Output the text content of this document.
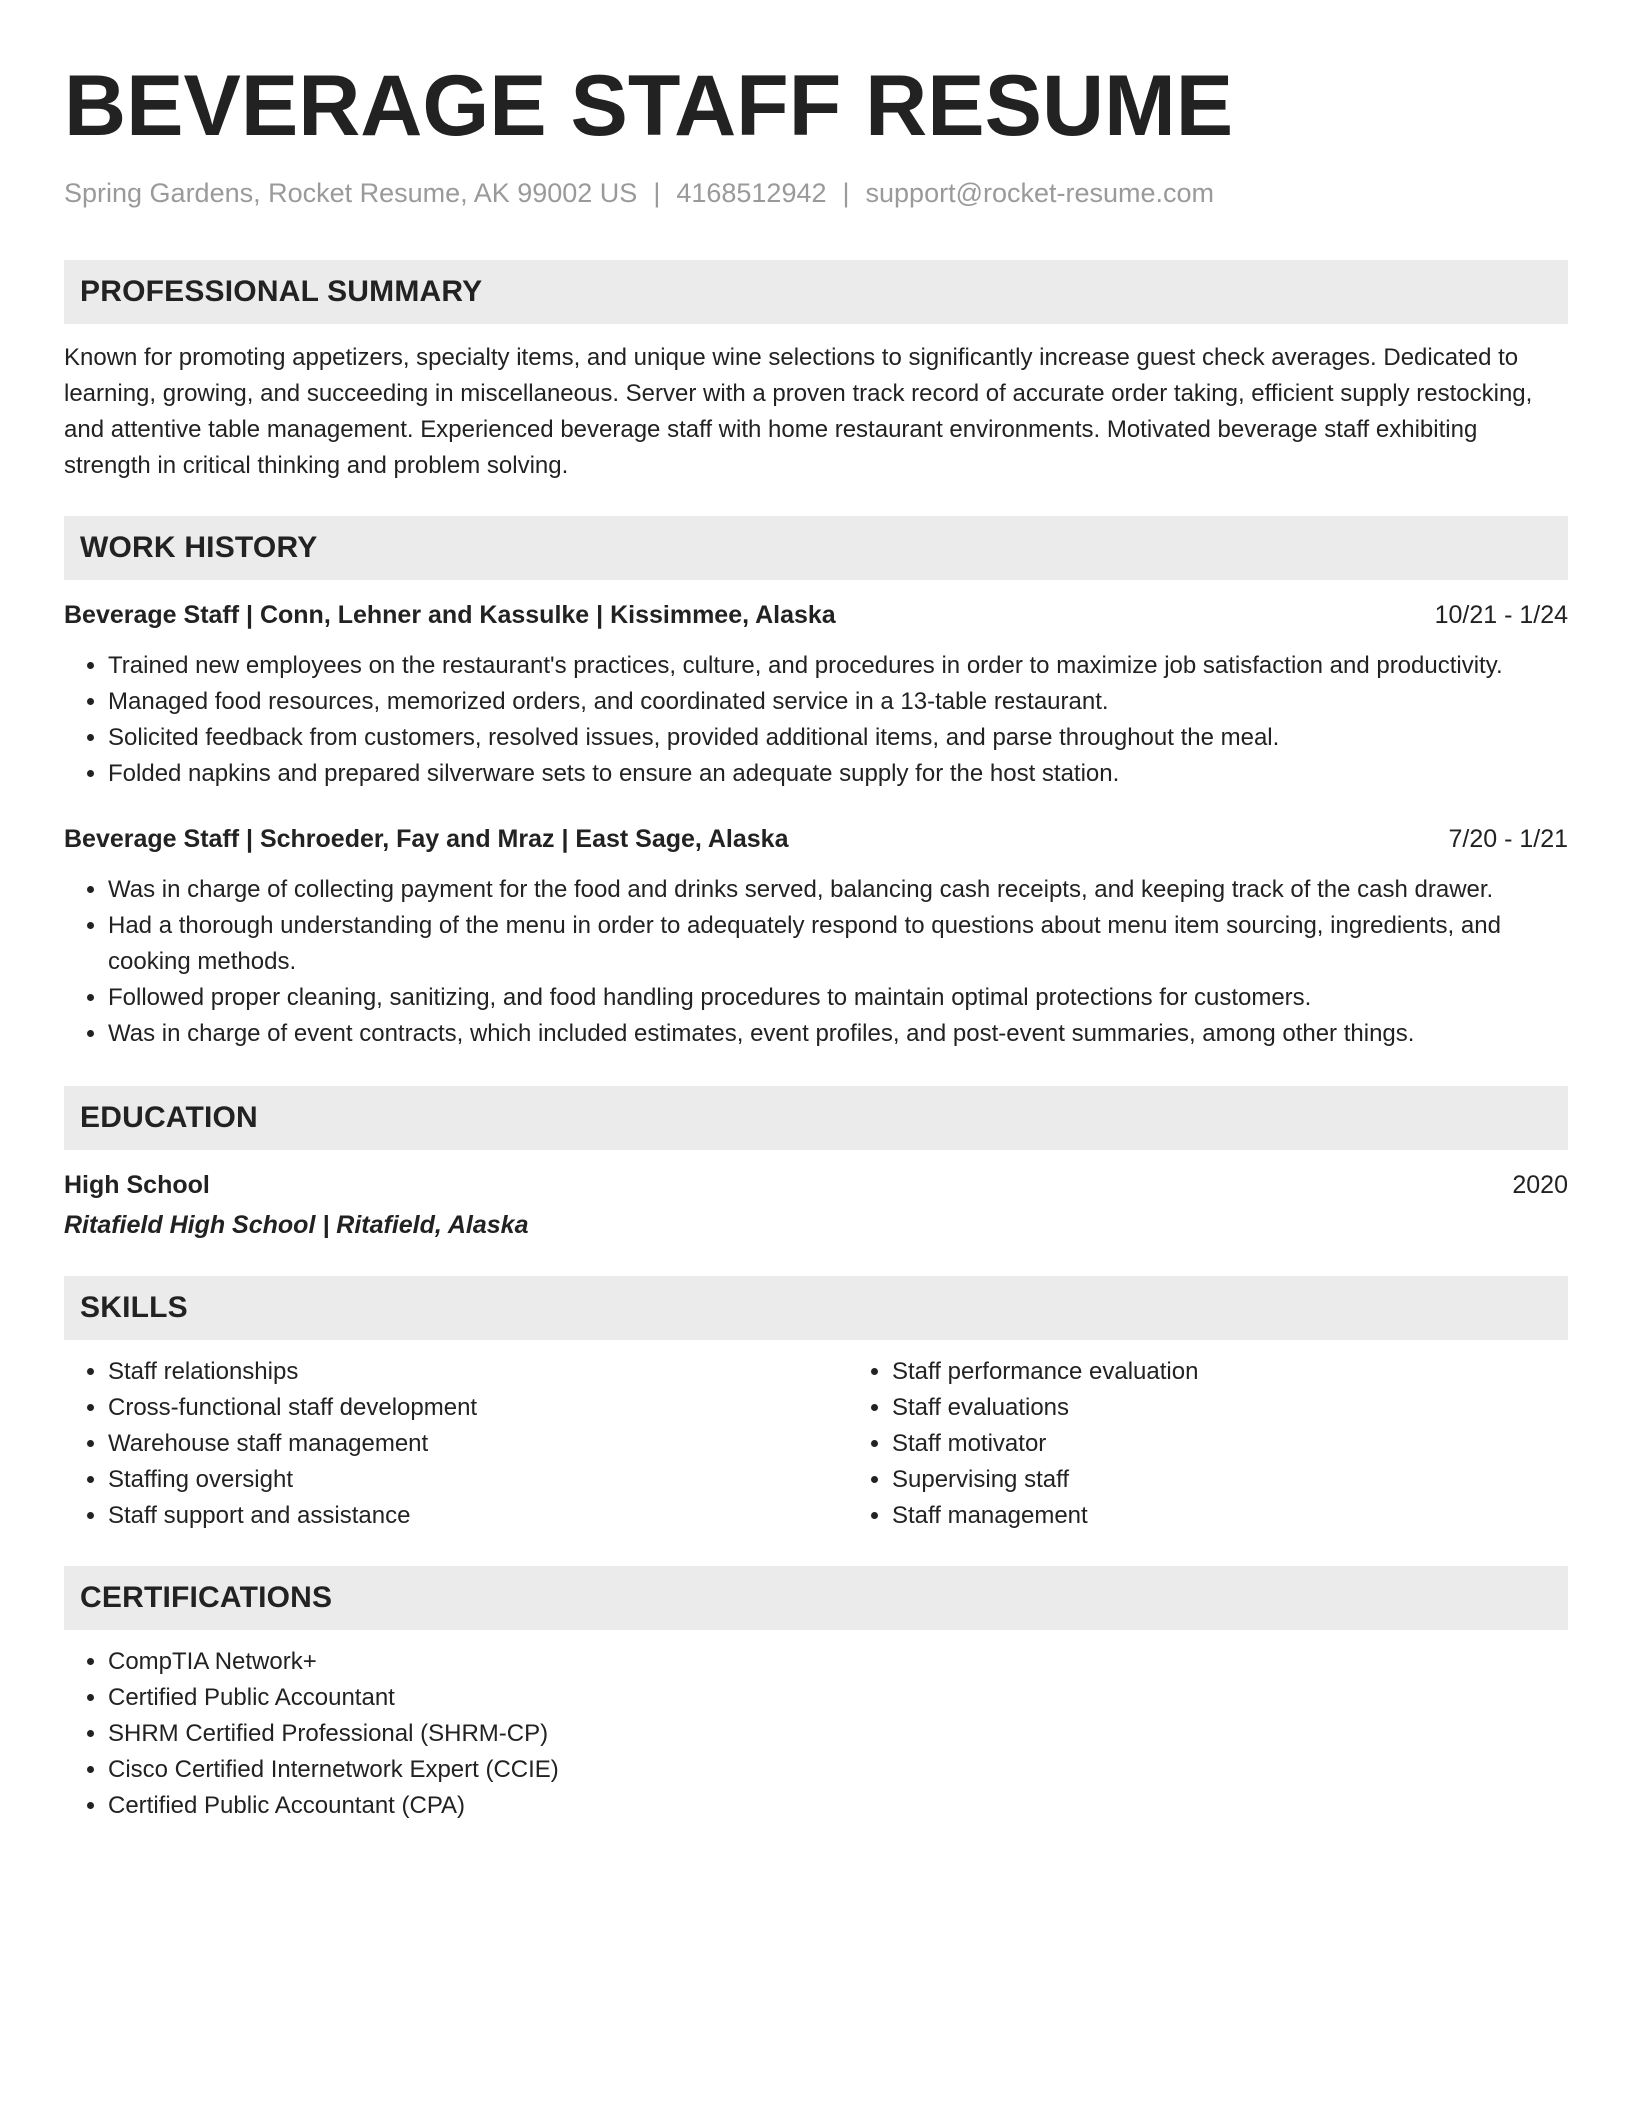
BEVERAGE STAFF RESUME
Spring Gardens, Rocket Resume, AK 99002 US | 4168512942 | support@rocket-resume.com
PROFESSIONAL SUMMARY
Known for promoting appetizers, specialty items, and unique wine selections to significantly increase guest check averages. Dedicated to learning, growing, and succeeding in miscellaneous. Server with a proven track record of accurate order taking, efficient supply restocking, and attentive table management. Experienced beverage staff with home restaurant environments. Motivated beverage staff exhibiting strength in critical thinking and problem solving.
WORK HISTORY
Beverage Staff | Conn, Lehner and Kassulke | Kissimmee, Alaska	10/21 - 1/24
• Trained new employees on the restaurant's practices, culture, and procedures in order to maximize job satisfaction and productivity.
• Managed food resources, memorized orders, and coordinated service in a 13-table restaurant.
• Solicited feedback from customers, resolved issues, provided additional items, and parse throughout the meal.
• Folded napkins and prepared silverware sets to ensure an adequate supply for the host station.
Beverage Staff | Schroeder, Fay and Mraz | East Sage, Alaska	7/20 - 1/21
• Was in charge of collecting payment for the food and drinks served, balancing cash receipts, and keeping track of the cash drawer.
• Had a thorough understanding of the menu in order to adequately respond to questions about menu item sourcing, ingredients, and cooking methods.
• Followed proper cleaning, sanitizing, and food handling procedures to maintain optimal protections for customers.
• Was in charge of event contracts, which included estimates, event profiles, and post-event summaries, among other things.
EDUCATION
High School	2020
Ritafield High School | Ritafield, Alaska
SKILLS
• Staff relationships
• Cross-functional staff development
• Warehouse staff management
• Staffing oversight
• Staff support and assistance
• Staff performance evaluation
• Staff evaluations
• Staff motivator
• Supervising staff
• Staff management
CERTIFICATIONS
• CompTIA Network+
• Certified Public Accountant
• SHRM Certified Professional (SHRM-CP)
• Cisco Certified Internetwork Expert (CCIE)
• Certified Public Accountant (CPA)
